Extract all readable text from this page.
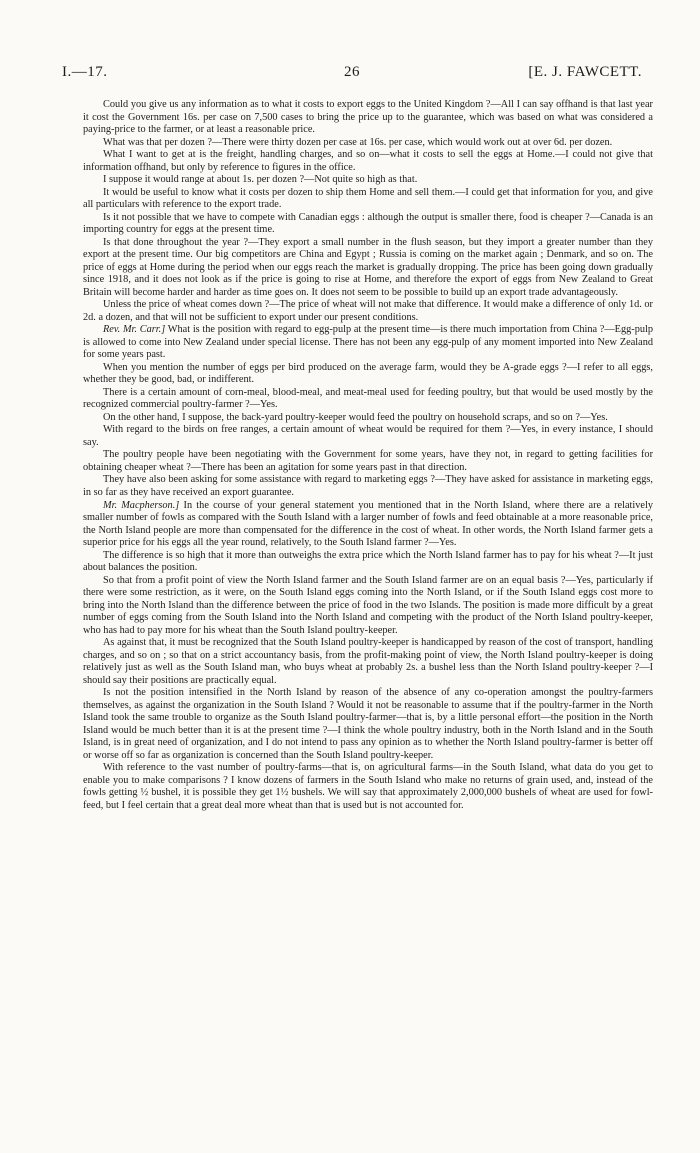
I.—17.	26	[E. J. FAWCETT.

Could you give us any information as to what it costs to export eggs to the United Kingdom ?—All I can say offhand is that last year it cost the Government 16s. per case on 7,500 cases to bring the price up to the guarantee, which was based on what was considered a paying-price to the farmer, or at least a reasonable price.

What was that per dozen ?—There were thirty dozen per case at 16s. per case, which would work out at over 6d. per dozen.

What I want to get at is the freight, handling charges, and so on—what it costs to sell the eggs at Home.—I could not give that information offhand, but only by reference to figures in the office.

I suppose it would range at about 1s. per dozen ?—Not quite so high as that.

It would be useful to know what it costs per dozen to ship them Home and sell them.—I could get that information for you, and give all particulars with reference to the export trade.

Is it not possible that we have to compete with Canadian eggs : although the output is smaller there, food is cheaper ?—Canada is an importing country for eggs at the present time.

Is that done throughout the year ?—They export a small number in the flush season, but they import a greater number than they export at the present time. Our big competitors are China and Egypt ; Russia is coming on the market again ; Denmark, and so on. The price of eggs at Home during the period when our eggs reach the market is gradually dropping. The price has been going down gradually since 1918, and it does not look as if the price is going to rise at Home, and therefore the export of eggs from New Zealand to Great Britain will become harder and harder as time goes on. It does not seem to be possible to build up an export trade advantageously.

Unless the price of wheat comes down ?—The price of wheat will not make that difference. It would make a difference of only 1d. or 2d. a dozen, and that will not be sufficient to export under our present conditions.

Rev. Mr. Carr.] What is the position with regard to egg-pulp at the present time—is there much importation from China ?—Egg-pulp is allowed to come into New Zealand under special license. There has not been any egg-pulp of any moment imported into New Zealand for some years past.

When you mention the number of eggs per bird produced on the average farm, would they be A-grade eggs ?—I refer to all eggs, whether they be good, bad, or indifferent.

There is a certain amount of corn-meal, blood-meal, and meat-meal used for feeding poultry, but that would be used mostly by the recognized commercial poultry-farmer ?—Yes.

On the other hand, I suppose, the back-yard poultry-keeper would feed the poultry on household scraps, and so on ?—Yes.

With regard to the birds on free ranges, a certain amount of wheat would be required for them ?—Yes, in every instance, I should say.

The poultry people have been negotiating with the Government for some years, have they not, in regard to getting facilities for obtaining cheaper wheat ?—There has been an agitation for some years past in that direction.

They have also been asking for some assistance with regard to marketing eggs ?—They have asked for assistance in marketing eggs, in so far as they have received an export guarantee.

Mr. Macpherson.] In the course of your general statement you mentioned that in the North Island, where there are a relatively smaller number of fowls as compared with the South Island with a larger number of fowls and feed obtainable at a more reasonable price, the North Island people are more than compensated for the difference in the cost of wheat. In other words, the North Island farmer gets a superior price for his eggs all the year round, relatively, to the South Island farmer ?—Yes.

The difference is so high that it more than outweighs the extra price which the North Island farmer has to pay for his wheat ?—It just about balances the position.

So that from a profit point of view the North Island farmer and the South Island farmer are on an equal basis ?—Yes, particularly if there were some restriction, as it were, on the South Island eggs coming into the North Island, or if the South Island eggs cost more to bring into the North Island than the difference between the price of food in the two Islands. The position is made more difficult by a great number of eggs coming from the South Island into the North Island and competing with the product of the North Island poultry-keeper, who has had to pay more for his wheat than the South Island poultry-keeper.

As against that, it must be recognized that the South Island poultry-keeper is handicapped by reason of the cost of transport, handling charges, and so on ; so that on a strict accountancy basis, from the profit-making point of view, the North Island poultry-keeper is doing relatively just as well as the South Island man, who buys wheat at probably 2s. a bushel less than the North Island poultry-keeper ?—I should say their positions are practically equal.

Is not the position intensified in the North Island by reason of the absence of any co-operation amongst the poultry-farmers themselves, as against the organization in the South Island ? Would it not be reasonable to assume that if the poultry-farmer in the North Island took the same trouble to organize as the South Island poultry-farmer—that is, by a little personal effort—the position in the North Island would be much better than it is at the present time ?—I think the whole poultry industry, both in the North Island and in the South Island, is in great need of organization, and I do not intend to pass any opinion as to whether the North Island poultry-farmer is better off or worse off so far as organization is concerned than the South Island poultry-keeper.

With reference to the vast number of poultry-farms—that is, on agricultural farms—in the South Island, what data do you get to enable you to make comparisons ? I know dozens of farmers in the South Island who make no returns of grain used, and, instead of the fowls getting ½ bushel, it is possible they get 1½ bushels. We will say that approximately 2,000,000 bushels of wheat are used for fowl-feed, but I feel certain that a great deal more wheat than that is used but is not accounted for.
